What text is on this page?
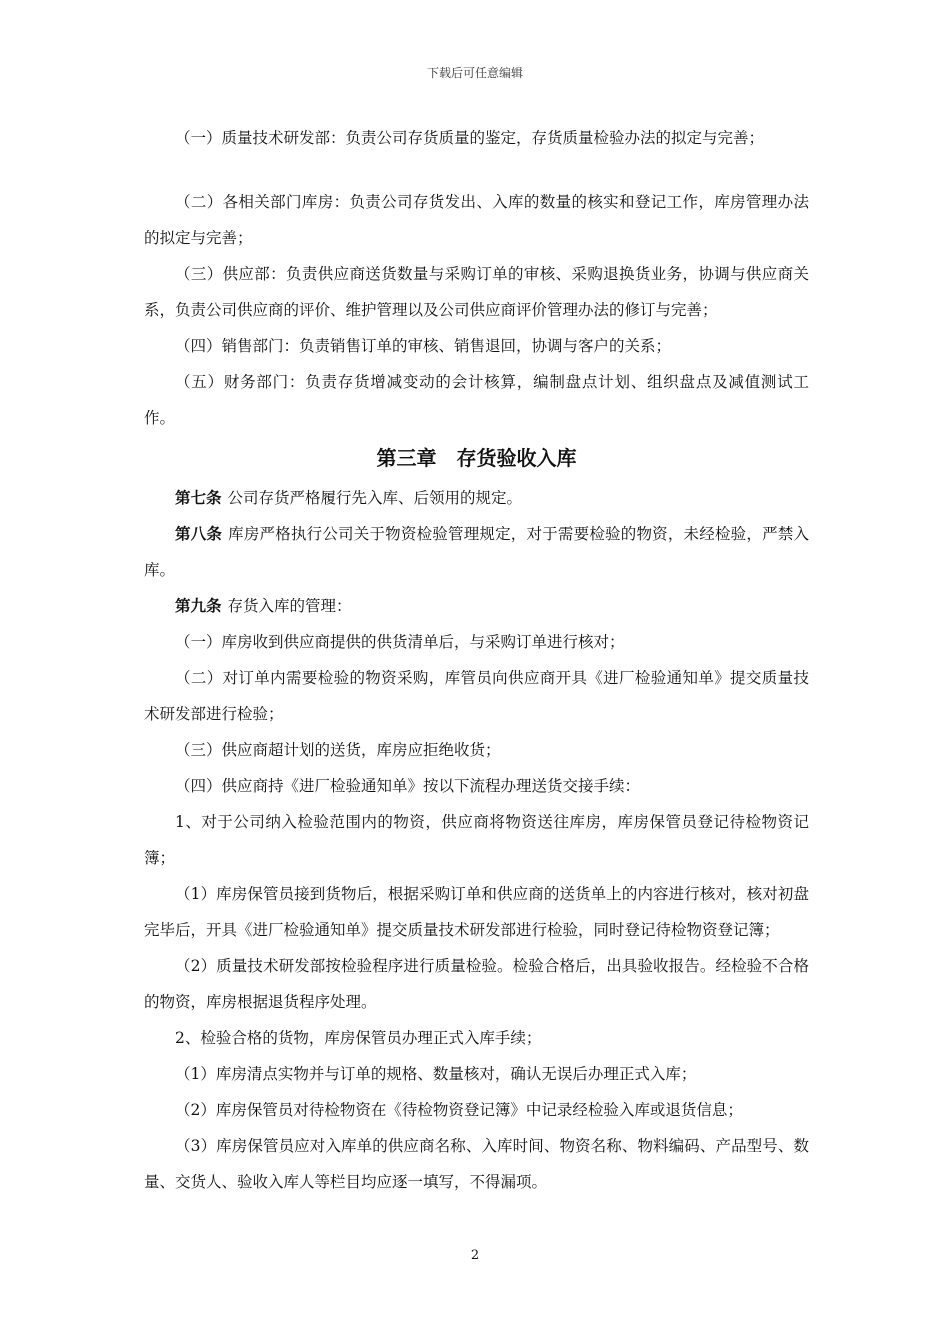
下载后可任意编辑

（一）质量技术研发部：负责公司存货质量的鉴定，存货质量检验办法的拟定与完善；

（二）各相关部门库房：负责公司存货发出、入库的数量的核实和登记工作，库房管理办法的拟定与完善；

（三）供应部：负责供应商送货数量与采购订单的审核、采购退换货业务，协调与供应商关系，负责公司供应商的评价、维护管理以及公司供应商评价管理办法的修订与完善；

（四）销售部门：负责销售订单的审核、销售退回，协调与客户的关系；

（五）财务部门：负责存货增减变动的会计核算，编制盘点计划、组织盘点及减值测试工作。

第三章　存货验收入库

第七条 公司存货严格履行先入库、后领用的规定。

第八条 库房严格执行公司关于物资检验管理规定，对于需要检验的物资，未经检验，严禁入库。

第九条 存货入库的管理：

（一）库房收到供应商提供的供货清单后，与采购订单进行核对；

（二）对订单内需要检验的物资采购，库管员向供应商开具《进厂检验通知单》提交质量技术研发部进行检验；

（三）供应商超计划的送货，库房应拒绝收货；

（四）供应商持《进厂检验通知单》按以下流程办理送货交接手续：

1、对于公司纳入检验范围内的物资，供应商将物资送往库房，库房保管员登记待检物资记簿；

（1）库房保管员接到货物后，根据采购订单和供应商的送货单上的内容进行核对，核对初盘完毕后，开具《进厂检验通知单》提交质量技术研发部进行检验，同时登记待检物资登记簿；

（2）质量技术研发部按检验程序进行质量检验。检验合格后，出具验收报告。经检验不合格的物资，库房根据退货程序处理。

2、检验合格的货物，库房保管员办理正式入库手续；

（1）库房清点实物并与订单的规格、数量核对，确认无误后办理正式入库；

（2）库房保管员对待检物资在《待检物资登记簿》中记录经检验入库或退货信息；

（3）库房保管员应对入库单的供应商名称、入库时间、物资名称、物料编码、产品型号、数量、交货人、验收入库人等栏目均应逐一填写，不得漏项。

2
